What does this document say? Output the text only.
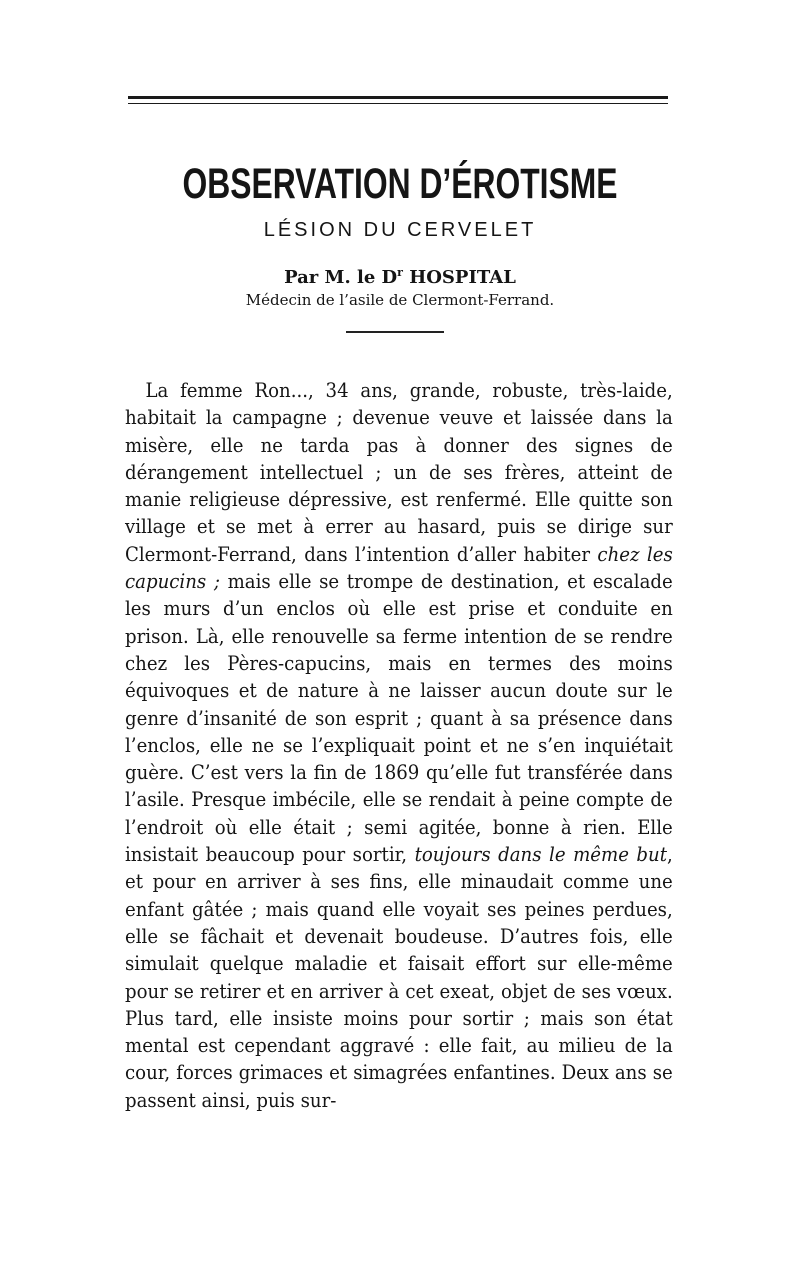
OBSERVATION D’ÉROTISME

LÉSION DU CERVELET

Par M. le $D^r$ HOSPITAL

Médecin de l’asile de Clermont-Ferrand.

La femme Ron..., 34 ans, grande, robuste, très-laide, habitait la campagne ; devenue veuve et laissée dans la misère, elle ne tarda pas à donner des signes de dérangement intellectuel ; un de ses frères, atteint de manie religieuse dépressive, est renfermé. Elle quitte son village et se met à errer au hasard, puis se dirige sur Clermont-Ferrand, dans l’intention d’aller habiter chez les capucins ; mais elle se trompe de destination, et escalade les murs d’un enclos où elle est prise et conduite en prison. Là, elle renouvelle sa ferme intention de se rendre chez les Pères-capucins, mais en termes des moins équivoques et de nature à ne laisser aucun doute sur le genre d’insanité de son esprit ; quant à sa présence dans l’enclos, elle ne se l’expliquait point et ne s’en inquiétait guère. C’est vers la fin de 1869 qu’elle fut transférée dans l’asile. Presque imbécile, elle se rendait à peine compte de l’endroit où elle était ; semi agitée, bonne à rien. Elle insistait beaucoup pour sortir, toujours dans le même but, et pour en arriver à ses fins, elle minaudait comme une enfant gâtée ; mais quand elle voyait ses peines perdues, elle se fâchait et devenait boudeuse. D’autres fois, elle simulait quelque maladie et faisait effort sur elle-même pour se retirer et en arriver à cet exeat, objet de ses vœux. Plus tard, elle insiste moins pour sortir ; mais son état mental est cependant aggravé : elle fait, au milieu de la cour, forces grimaces et simagrées enfantines. Deux ans se passent ainsi, puis sur-
